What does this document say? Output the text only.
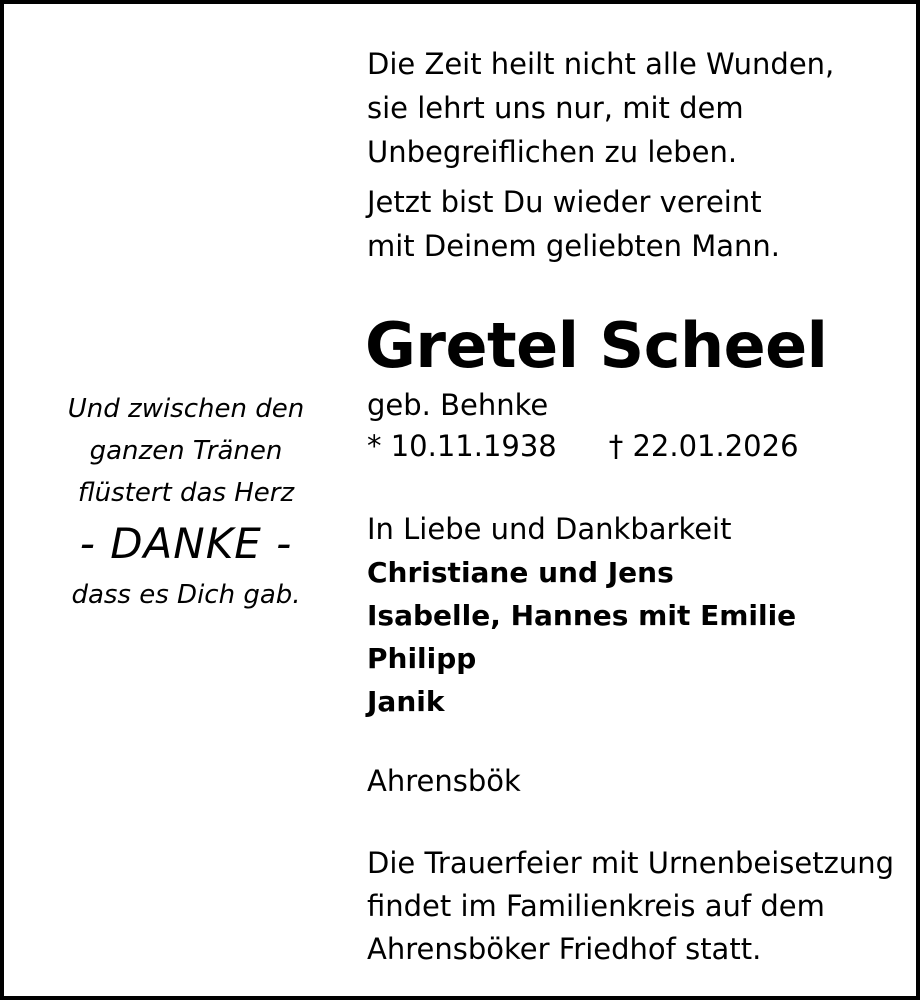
Die Zeit heilt nicht alle Wunden,
sie lehrt uns nur, mit dem
Unbegreiflichen zu leben.
Jetzt bist Du wieder vereint
mit Deinem geliebten Mann.
Gretel Scheel
geb. Behnke
* 10.11.1938 † 22.01.2026
Und zwischen den
ganzen Tränen
flüstert das Herz
- DANKE -
dass es Dich gab.
In Liebe und Dankbarkeit
Christiane und Jens
Isabelle, Hannes mit Emilie
Philipp
Janik
Ahrensbök
Die Trauerfeier mit Urnenbeisetzung
findet im Familienkreis auf dem
Ahrensböker Friedhof statt.
